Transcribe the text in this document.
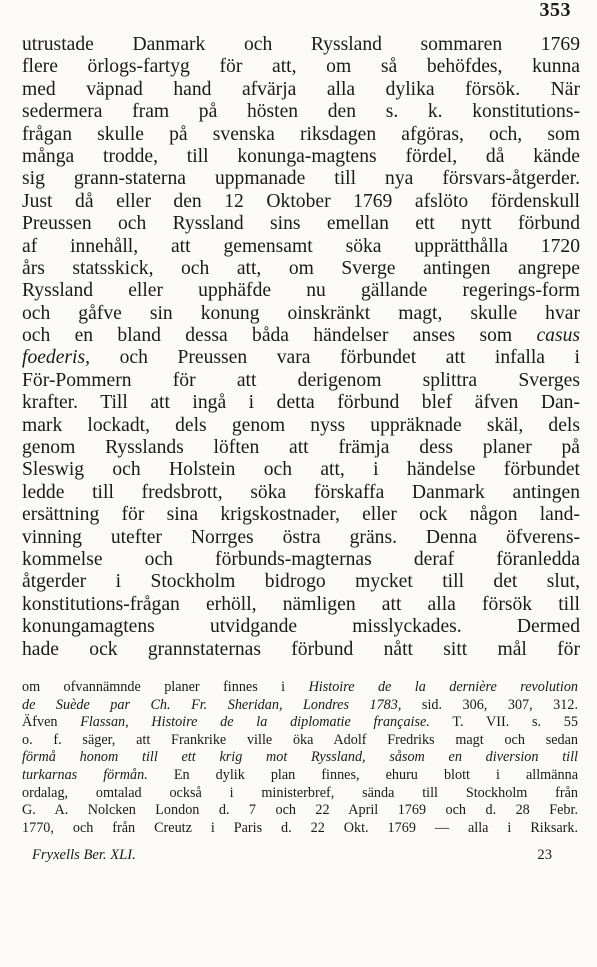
353
utrustade Danmark och Ryssland sommaren 1769
flere örlogs-fartyg för att, om så behöfdes, kunna
med väpnad hand afvärja alla dylika försök. När
sedermera fram på hösten den s. k. konstitutions-
frågan skulle på svenska riksdagen afgöras, och, som
många trodde, till konunga-magtens fördel, då kände
sig grann-staterna uppmanade till nya försvars-åtgerder.
Just då eller den 12 Oktober 1769 afslöto fördenskull
Preussen och Ryssland sins emellan ett nytt förbund
af innehåll, att gemensamt söka upprätthålla 1720
års statsskick, och att, om Sverge antingen angrepe
Ryssland eller upphäfde nu gällande regerings-form
och gåfve sin konung oinskränkt magt, skulle hvar
och en bland dessa båda händelser anses som casus
foederis, och Preussen vara förbundet att infalla i
För-Pommern för att derigenom splittra Sverges
krafter. Till att ingå i detta förbund blef äfven Dan-
mark lockadt, dels genom nyss uppräknade skäl, dels
genom Rysslands löften att främja dess planer på
Sleswig och Holstein och att, i händelse förbundet
ledde till fredsbrott, söka förskaffa Danmark antingen
ersättning för sina krigskostnader, eller ock någon land-
vinning utefter Norrges östra gräns. Denna öfverens-
kommelse och förbunds-magternas deraf föranledda
åtgerder i Stockholm bidrogo mycket till det slut,
konstitutions-frågan erhöll, nämligen att alla försök till
konungamagtens utvidgande misslyckades. Dermed
hade ock grannstaternas förbund nått sitt mål för
om ofvannämnde planer finnes i Histoire de la dernière revolution
de Suède par Ch. Fr. Sheridan, Londres 1783, sid. 306, 307, 312.
Äfven Flassan, Histoire de la diplomatie française. T. VII. s. 55
o. f. säger, att Frankrike ville öka Adolf Fredriks magt och sedan
förmå honom till ett krig mot Ryssland, såsom en diversion till
turkarnas förmån. En dylik plan finnes, ehuru blott i allmänna
ordalag, omtalad också i ministerbref, sända till Stockholm från
G. A. Nolcken London d. 7 och 22 April 1769 och d. 28 Febr.
1770, och från Creutz i Paris d. 22 Okt. 1769 — alla i Riksark.
Fryxells Ber. XLI.	23
